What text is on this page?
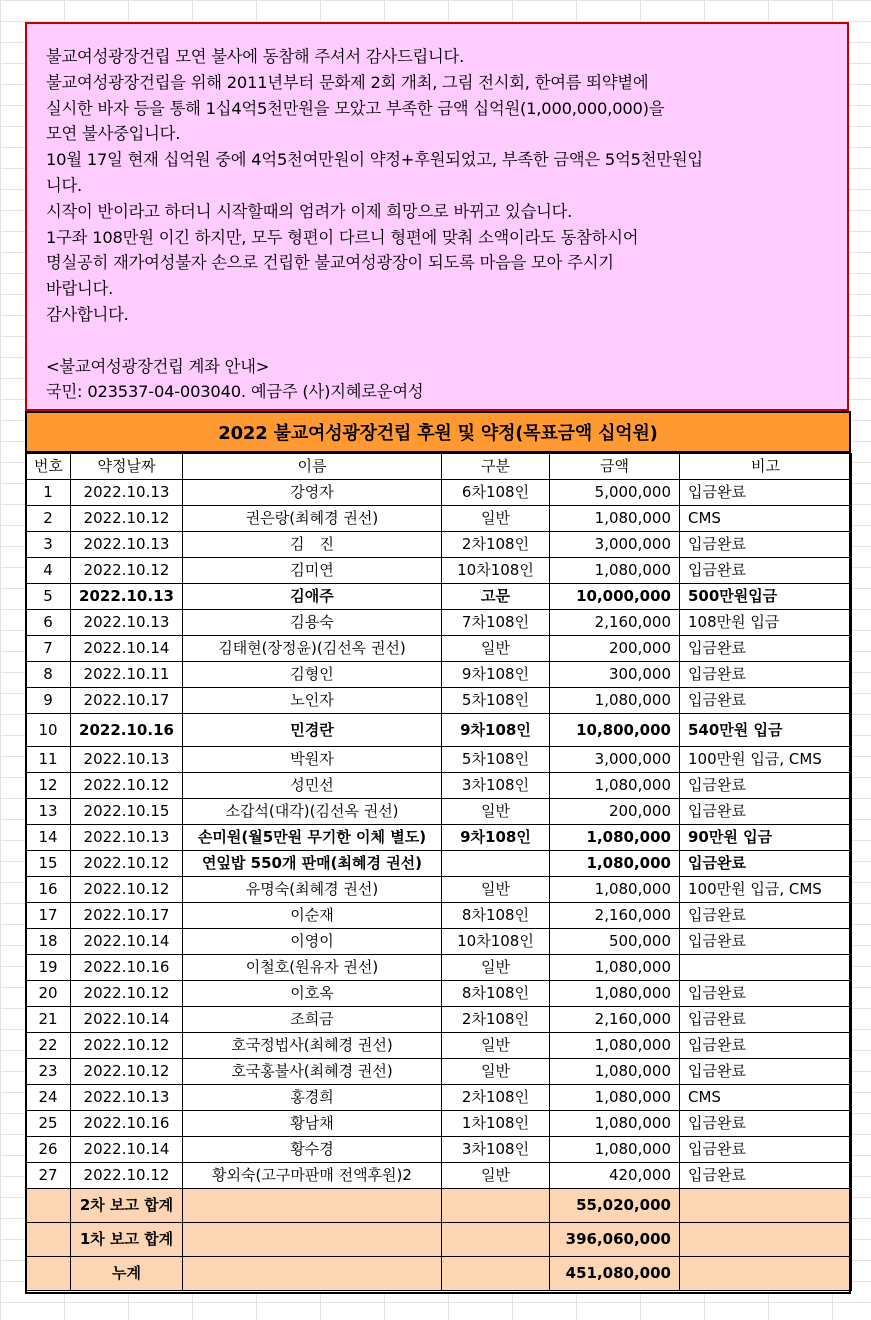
불교여성광장건립 모연 불사에 동참해 주셔서 감사드립니다.
불교여성광장건립을 위해 2011년부터 문화제 2회 개최, 그림 전시회, 한여름 뙤약볕에
실시한 바자 등을 통해 1십4억5천만원을 모았고 부족한 금액 십억원(1,000,000,000)을
모연 불사중입니다.
10월 17일 현재 십억원 중에 4억5천여만원이 약정+후원되었고, 부족한 금액은 5억5천만원입
니다.
시작이 반이라고 하더니 시작할때의 엄려가 이제 희망으로 바뀌고 있습니다.
1구좌 108만원 이긴 하지만, 모두 형편이 다르니 형편에 맞춰 소액이라도 동참하시어
명실공히 재가여성불자 손으로 건립한 불교여성광장이 되도록 마음을 모아 주시기
바랍니다.
감사합니다.
<불교여성광장건립 계좌 안내>
국민: 023537-04-003040. 예금주 (사)지혜로운여성
2022 불교여성광장건립 후원 및 약정(목표금액 십억원)
번호	약정날짜	이름	구분	금액	비고
1	2022.10.13	강영자	6차108인	5,000,000	입금완료
2	2022.10.12	권은랑(최혜경 권선)	일반	1,080,000	CMS
3	2022.10.13	김　진	2차108인	3,000,000	입금완료
4	2022.10.12	김미연	10차108인	1,080,000	입금완료
5	2022.10.13	김애주	고문	10,000,000	500만원입금
6	2022.10.13	김용숙	7차108인	2,160,000	108만원 입금
7	2022.10.14	김태현(장정윤)(김선옥 권선)	일반	200,000	입금완료
8	2022.10.11	김형인	9차108인	300,000	입금완료
9	2022.10.17	노인자	5차108인	1,080,000	입금완료
10	2022.10.16	민경란	9차108인	10,800,000	540만원 입금
11	2022.10.13	박원자	5차108인	3,000,000	100만원 입금, CMS
12	2022.10.12	성민선	3차108인	1,080,000	입금완료
13	2022.10.15	소갑석(대각)(김선옥 권선)	일반	200,000	입금완료
14	2022.10.13	손미원(월5만원 무기한 이체 별도)	9차108인	1,080,000	90만원 입금
15	2022.10.12	연잎밥 550개 판매(최혜경 권선)		1,080,000	입금완료
16	2022.10.12	유명숙(최혜경 권선)	일반	1,080,000	100만원 입금, CMS
17	2022.10.17	이순재	8차108인	2,160,000	입금완료
18	2022.10.14	이영이	10차108인	500,000	입금완료
19	2022.10.16	이철호(원유자 권선)	일반	1,080,000	
20	2022.10.12	이호옥	8차108인	1,080,000	입금완료
21	2022.10.14	조희금	2차108인	2,160,000	입금완료
22	2022.10.12	호국정법사(최혜경 권선)	일반	1,080,000	입금완료
23	2022.10.12	호국홍불사(최혜경 권선)	일반	1,080,000	입금완료
24	2022.10.13	홍경희	2차108인	1,080,000	CMS
25	2022.10.16	황남채	1차108인	1,080,000	입금완료
26	2022.10.14	황수경	3차108인	1,080,000	입금완료
27	2022.10.12	황외숙(고구마판매 전액후원)2	일반	420,000	입금완료
	2차 보고 합계			55,020,000	
	1차 보고 합계			396,060,000	
	누계			451,080,000	
